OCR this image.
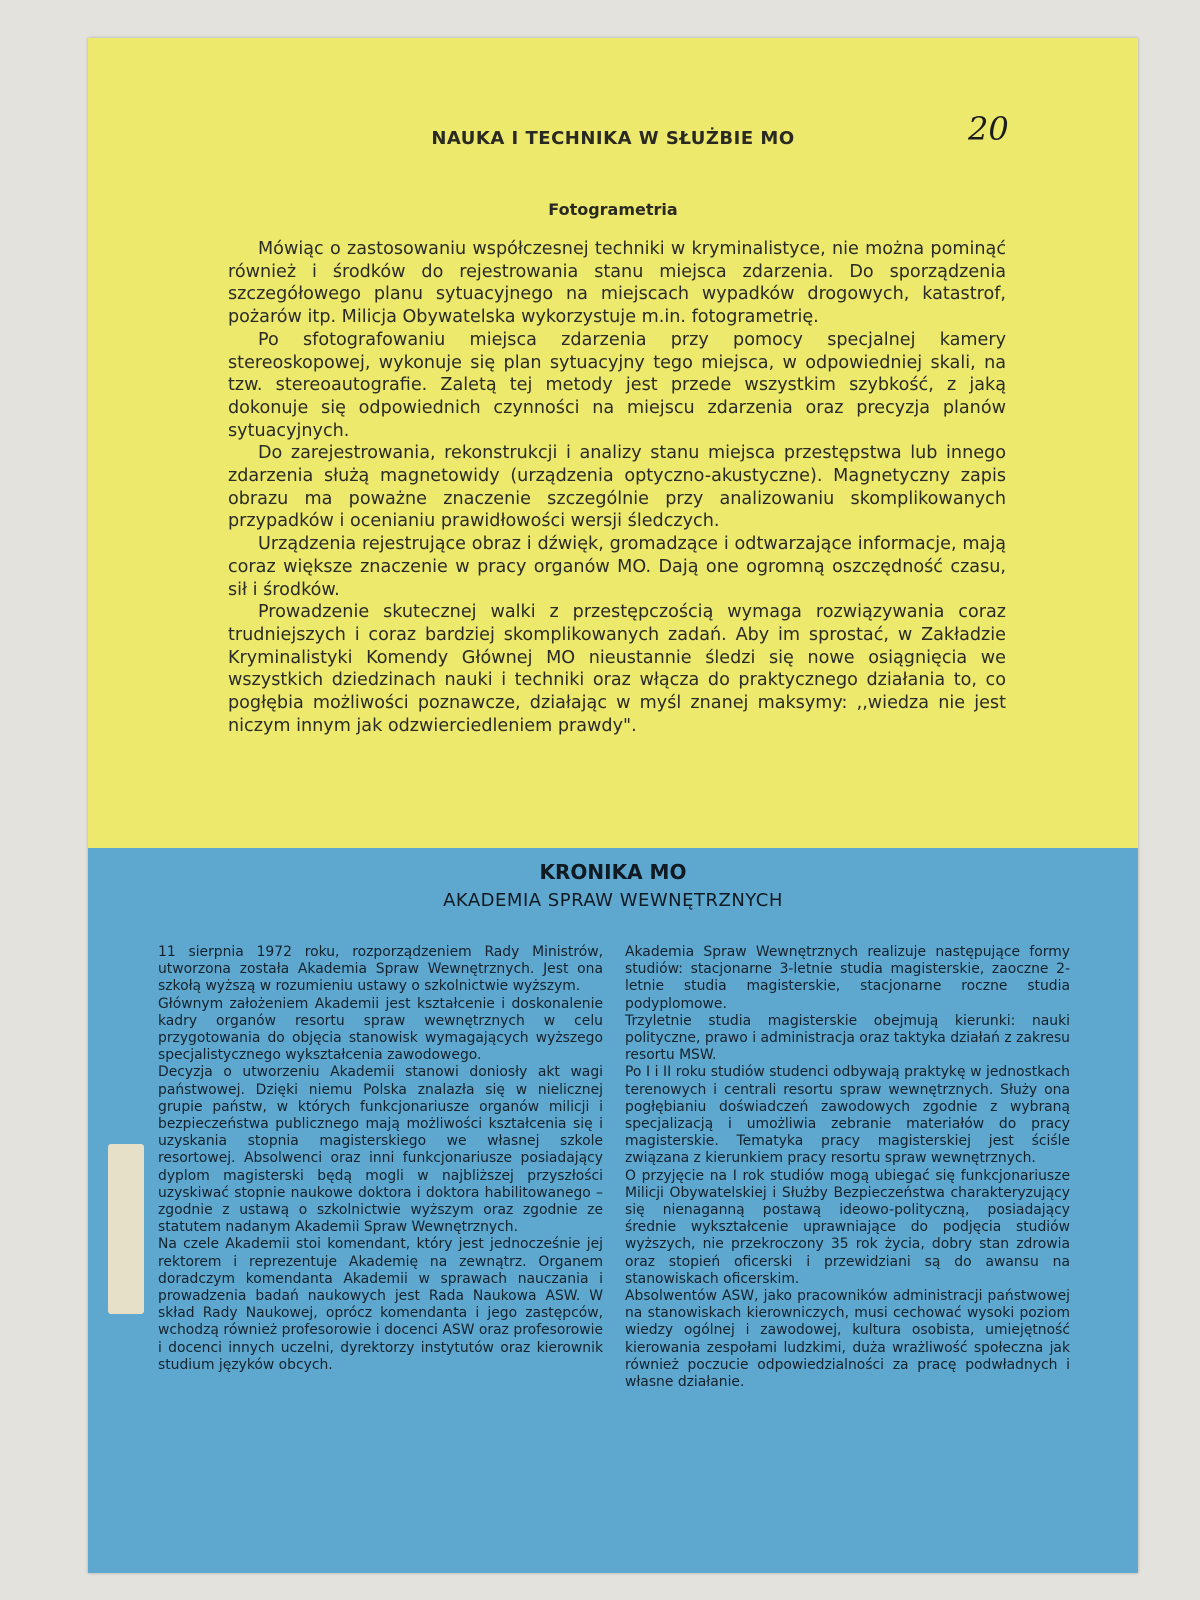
20
NAUKA I TECHNIKA W SŁUŻBIE MO
Fotogrametria

Mówiąc o zastosowaniu współczesnej techniki w kryminalistyce, nie można pominąć również i środków do rejestrowania stanu miejsca zdarzenia. Do sporządzenia szczegółowego planu sytuacyjnego na miejscach wypadków drogowych, katastrof, pożarów itp. Milicja Obywatelska wykorzystuje m.in. fotogrametrię.

Po sfotografowaniu miejsca zdarzenia przy pomocy specjalnej kamery stereoskopowej, wykonuje się plan sytuacyjny tego miejsca, w odpowiedniej skali, na tzw. stereoautografie. Zaletą tej metody jest przede wszystkim szybkość, z jaką dokonuje się odpowiednich czynności na miejscu zdarzenia oraz precyzja planów sytuacyjnych.

Do zarejestrowania, rekonstrukcji i analizy stanu miejsca przestępstwa lub innego zdarzenia służą magnetowidy (urządzenia optyczno-akustyczne). Magnetyczny zapis obrazu ma poważne znaczenie szczególnie przy analizowaniu skomplikowanych przypadków i ocenianiu prawidłowości wersji śledczych.

Urządzenia rejestrujące obraz i dźwięk, gromadzące i odtwarzające informacje, mają coraz większe znaczenie w pracy organów MO. Dają one ogromną oszczędność czasu, sił i środków.

Prowadzenie skutecznej walki z przestępczością wymaga rozwiązywania coraz trudniejszych i coraz bardziej skomplikowanych zadań. Aby im sprostać, w Zakładzie Kryminalistyki Komendy Głównej MO nieustannie śledzi się nowe osiągnięcia we wszystkich dziedzinach nauki i techniki oraz włącza do praktycznego działania to, co pogłębia możliwości poznawcze, działając w myśl znanej maksymy: ,,wiedza nie jest niczym innym jak odzwierciedleniem prawdy".

KRONIKA MO
AKADEMIA SPRAW WEWNĘTRZNYCH

11 sierpnia 1972 roku, rozporządzeniem Rady Ministrów, utworzona została Akademia Spraw Wewnętrznych. Jest ona szkołą wyższą w rozumieniu ustawy o szkolnictwie wyższym.

Głównym założeniem Akademii jest kształcenie i doskonalenie kadry organów resortu spraw wewnętrznych w celu przygotowania do objęcia stanowisk wymagających wyższego specjalistycznego wykształcenia zawodowego.

Decyzja o utworzeniu Akademii stanowi doniosły akt wagi państwowej. Dzięki niemu Polska znalazła się w nielicznej grupie państw, w których funkcjonariusze organów milicji i bezpieczeństwa publicznego mają możliwości kształcenia się i uzyskania stopnia magisterskiego we własnej szkole resortowej. Absolwenci oraz inni funkcjonariusze posiadający dyplom magisterski będą mogli w najbliższej przyszłości uzyskiwać stopnie naukowe doktora i doktora habilitowanego – zgodnie z ustawą o szkolnictwie wyższym oraz zgodnie ze statutem nadanym Akademii Spraw Wewnętrznych.

Na czele Akademii stoi komendant, który jest jednocześnie jej rektorem i reprezentuje Akademię na zewnątrz. Organem doradczym komendanta Akademii w sprawach nauczania i prowadzenia badań naukowych jest Rada Naukowa ASW. W skład Rady Naukowej, oprócz komendanta i jego zastępców, wchodzą również profesorowie i docenci ASW oraz profesorowie i docenci innych uczelni, dyrektorzy instytutów oraz kierownik studium języków obcych.

Akademia Spraw Wewnętrznych realizuje następujące formy studiów: stacjonarne 3-letnie studia magisterskie, zaoczne 2-letnie studia magisterskie, stacjonarne roczne studia podyplomowe.

Trzyletnie studia magisterskie obejmują kierunki: nauki polityczne, prawo i administracja oraz taktyka działań z zakresu resortu MSW.

Po I i II roku studiów studenci odbywają praktykę w jednostkach terenowych i centrali resortu spraw wewnętrznych. Służy ona pogłębianiu doświadczeń zawodowych zgodnie z wybraną specjalizacją i umożliwia zebranie materiałów do pracy magisterskie. Tematyka pracy magisterskiej jest ściśle związana z kierunkiem pracy resortu spraw wewnętrznych.

O przyjęcie na I rok studiów mogą ubiegać się funkcjonariusze Milicji Obywatelskiej i Służby Bezpieczeństwa charakteryzujący się nienaganną postawą ideowo-polityczną, posiadający średnie wykształcenie uprawniające do podjęcia studiów wyższych, nie przekroczony 35 rok życia, dobry stan zdrowia oraz stopień oficerski i przewidziani są do awansu na stanowiskach oficerskim.

Absolwentów ASW, jako pracowników administracji państwowej na stanowiskach kierowniczych, musi cechować wysoki poziom wiedzy ogólnej i zawodowej, kultura osobista, umiejętność kierowania zespołami ludzkimi, duża wrażliwość społeczna jak również poczucie odpowiedzialności za pracę podwładnych i własne działanie.
